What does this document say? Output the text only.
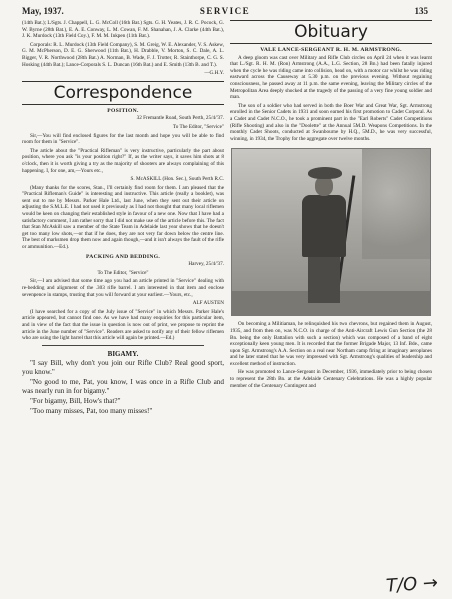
May, 1937.	SERVICE	135

(14th Bat.); L/Sgts. J. Chappell, L. G. McColl (16th Bat.) Sgts. G. H. Yeates, J. R. C. Pocock, G. W. Byrne (28th Bat.), E. A. E. Conway, L. M. Cowan, F. M. Shanahan, J. A. Clarke (44th Bat.), J. K. Murdock (13th Field Coy.), F. M. M. Inkpen (11th Bat.).

Corporals: R. L. Murdock (13th Field Company), S. M. Greig, W. E. Alexander, V. S. Askew, G. M. McPherson, D. E. G. Sherwood (11th Bat.), H. Drabble, V. Morton, S. C. Dale, A. L. Bigger, V. R. Northwood (28th Bat.) A. Norman, B. Wade, F. J. Trotter, R. Stainthorpe, C. G. S. Hosking (44th Bat.); Lance-Corporals S. L. Duncan (16th Bat.) and E. Smith (13th B. and T.).

—G.H.Y.

Correspondence
POSITION.

32 Fremantle Road, South Perth, 25/4/'37.

To The Editor, "Service"

Sir,—You will find enclosed figures for the last month and hope you will be able to find room for them in "Service".

The article about the "Practical Rifleman" is very instructive, particularly the part about position, where you ask "is your position right?" If, as the writer says, it saves him shots at 8 o'clock, then it is worth giving a try as the majority of shooters are always complaining of this happening. I, for one, am,—Yours etc.,

S. McASKILL (Hon. Sec.), South Perth R.C.

(Many thanks for the scores, Stan., I'll certainly find room for them. I am pleased that the "Practical Rifleman's Guide" is interesting and instructive. This article (really a booklet), was sent out to me by Messrs. Parker Hale Ltd., last June, when they sent out their article on adjusting the S.M.L.E. I had not used it previously as I had not thought that many local riflemen would be keen on changing their established style in favour of a new one. Now that I have had a satisfactory comment, I am rather sorry that I did not make use of the article before this. The fact that Stan McAskill saw a member of the State Team in Adelaide last year shows that he doesn't get too many low shots,—or that if he does, they are not very far down below the centre line. The best of marksmen drop them now and again though,—and it isn't always the fault of the rifle or ammunition.—Ed.).

PACKING AND BEDDING.

Harvey, 25/4/'37.

To The Editor, "Service"

Sir,—I am advised that some time ago you had an article printed in "Service" dealing with re-bedding and alignment of the .303 rifle barrel. I am interested in that item and enclose sevenpence in stamps, trusting that you will forward at your earliest.—Yours, etc.,

ALF AUSTEN

(I have searched for a copy of the July issue of "Service" in which Messrs. Parker Hale's article appeared, but cannot find one. As we have had many enquiries for this particular item, and in view of the fact that the issue in question is now out of print, we propose to reprint the article in the June number of "Service". Readers are asked to notify any of their fellow riflemen who are using the light barrel that this article will again be printed.—Ed.)

BIGAMY.

"I say Bill, why don't you join our Rifle Club? Real good sport, you know."

"No good to me, Pat, you know, I was once in a Rifle Club and was nearly run in for bigamy."

"For bigamy, Bill, How's that?"

"Too many misses, Pat, too many misses!"

Obituary
VALE LANCE-SERGEANT R. H. M. ARMSTRONG.

A deep gloom was cast over Military and Rifle Club circles on April 24 when it was learnt that L./Sgt. R. H. M. (Ron) Armstrong (A.A., L.G. Section, 28 Bn.) had been fatally injured when the cycle he was riding came into collision, head on, with a motor car whilst he was riding eastward across the Causeway at 5.30 p.m. on the previous evening. Without regaining consciousness, he passed away at 11 p.m. the same evening, leaving the Military circles of the Metropolitan Area deeply shocked at the tragedy of the passing of a very fine young soldier and man.

The son of a soldier who had served in both the Boer War and Great War, Sgt. Armstrong enrolled in the Senior Cadets in 1931 and soon earned his first promotion to Cadet Corporal. As a Cadet and Cadet N.C.O., he took a prominent part in the "Earl Roberts" Cadet Competitions (Rifle Shooting) and also in the "Doolette" at the Annual 5M.D. Weapons Competitions. In the monthly Cadet Shoots, conducted at Swanbourne by H.Q., 5M.D., he was very successful, winning, in 1934, the Trophy for the aggregate over twelve months.

On becoming a Militiaman, he relinquished his two chevrons, but regained them in August, 1935, and from then on, was N.C.O. in charge of the Anti-Aircraft Lewis Gun Section (the 28 Bn. being the only Battalion with such a section) which was composed of a band of eight exceptionally keen young men. It is recorded that the former Brigade Major, 13 Inf. Bde., came upon Sgt. Armstrong's A.A. Section on a real near Northam camp firing at imaginary aeroplanes and he later stated that he was very impressed with Sgt. Armstrong's qualities of leadership and excellent method of instruction.

He was promoted to Lance-Sergeant in December, 1936, immediately prior to being chosen to represent the 28th Bn. at the Adelaide Centenary Celebrations. He was a highly popular member of the Centenary Contingent and

T/O →
